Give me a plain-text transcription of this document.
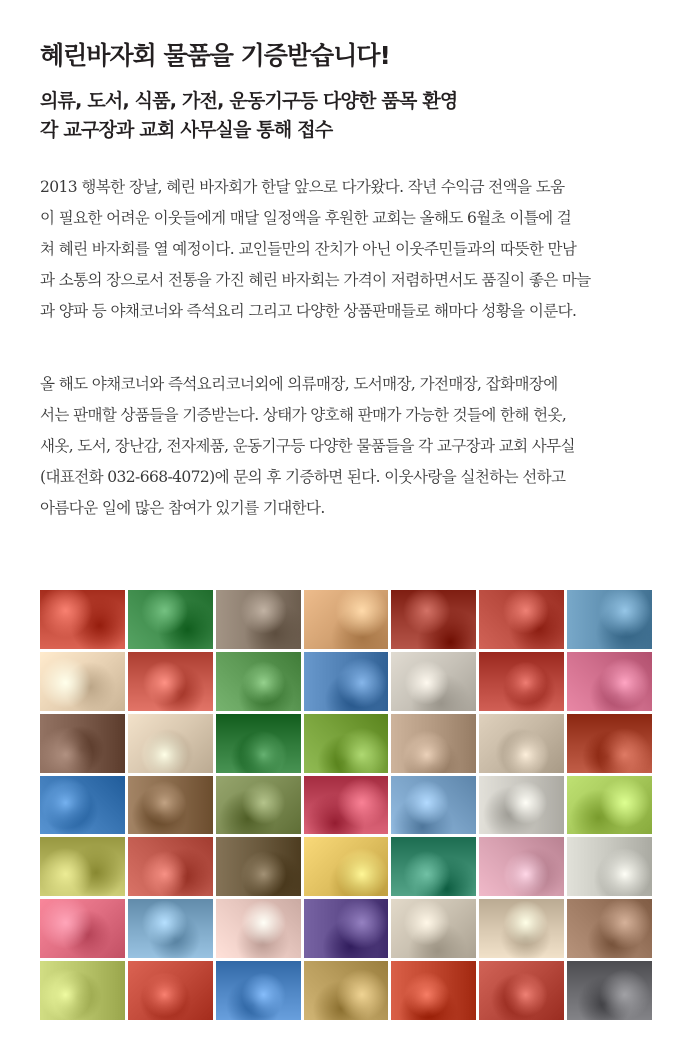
혜린바자회 물품을 기증받습니다!
의류, 도서, 식품, 가전, 운동기구등 다양한 품목 환영
각 교구장과 교회 사무실을 통해 접수
2013 행복한 장날, 혜린 바자회가 한달 앞으로 다가왔다. 작년 수익금 전액을 도움
이 필요한 어려운 이웃들에게 매달 일정액을 후원한 교회는 올해도 6월초 이틀에 걸
쳐 혜린 바자회를 열 예정이다. 교인들만의 잔치가 아닌 이웃주민들과의 따뜻한 만남
과 소통의 장으로서 전통을 가진 혜린 바자회는 가격이 저렴하면서도 품질이 좋은 마늘
과 양파 등 야채코너와 즉석요리 그리고 다양한 상품판매들로 해마다 성황을 이룬다.
올 해도 야채코너와 즉석요리코너외에 의류매장, 도서매장, 가전매장, 잡화매장에
서는 판매할 상품들을 기증받는다. 상태가 양호해 판매가 가능한 것들에 한해 헌옷,
새옷, 도서, 장난감, 전자제품, 운동기구등 다양한 물품들을 각 교구장과 교회 사무실
(대표전화 032-668-4072)에 문의 후 기증하면 된다. 이웃사랑을 실천하는 선하고
아름다운 일에 많은 참여가 있기를 기대한다.
